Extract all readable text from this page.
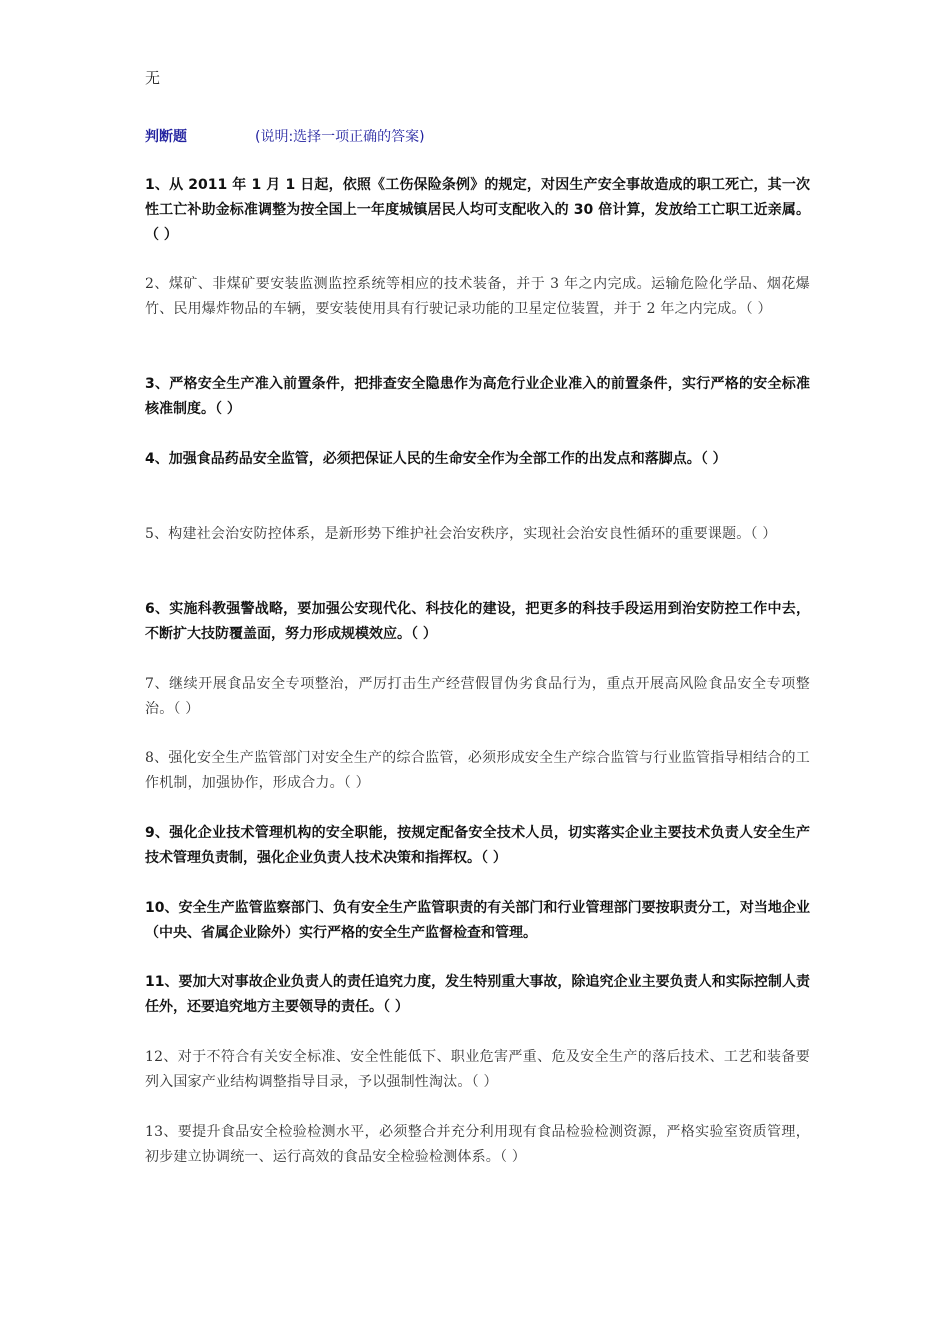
无
判断题	(说明:选择一项正确的答案)

1、从 2011 年 1 月 1 日起，依照《工伤保险条例》的规定，对因生产安全事故造成的职工死亡，其一次性工亡补助金标准调整为按全国上一年度城镇居民人均可支配收入的 30 倍计算，发放给工亡职工近亲属。（ ）

2、煤矿、非煤矿要安装监测监控系统等相应的技术装备，并于 3 年之内完成。运输危险化学品、烟花爆竹、民用爆炸物品的车辆，要安装使用具有行驶记录功能的卫星定位装置，并于 2 年之内完成。（ ）

3、严格安全生产准入前置条件，把排查安全隐患作为高危行业企业准入的前置条件，实行严格的安全标准核准制度。（ ）

4、加强食品药品安全监管，必须把保证人民的生命安全作为全部工作的出发点和落脚点。（ ）

5、构建社会治安防控体系，是新形势下维护社会治安秩序，实现社会治安良性循环的重要课题。（ ）

6、实施科教强警战略，要加强公安现代化、科技化的建设，把更多的科技手段运用到治安防控工作中去，不断扩大技防覆盖面，努力形成规模效应。（ ）

7、继续开展食品安全专项整治，严厉打击生产经营假冒伪劣食品行为，重点开展高风险食品安全专项整治。（ ）

8、强化安全生产监管部门对安全生产的综合监管，必须形成安全生产综合监管与行业监管指导相结合的工作机制，加强协作，形成合力。（ ）

9、强化企业技术管理机构的安全职能，按规定配备安全技术人员，切实落实企业主要技术负责人安全生产技术管理负责制，强化企业负责人技术决策和指挥权。（ ）

10、安全生产监管监察部门、负有安全生产监管职责的有关部门和行业管理部门要按职责分工，对当地企业（中央、省属企业除外）实行严格的安全生产监督检查和管理。

11、要加大对事故企业负责人的责任追究力度，发生特别重大事故，除追究企业主要负责人和实际控制人责任外，还要追究地方主要领导的责任。（ ）

12、对于不符合有关安全标准、安全性能低下、职业危害严重、危及安全生产的落后技术、工艺和装备要列入国家产业结构调整指导目录，予以强制性淘汰。（ ）

13、要提升食品安全检验检测水平，必须整合并充分利用现有食品检验检测资源，严格实验室资质管理，初步建立协调统一、运行高效的食品安全检验检测体系。（ ）
